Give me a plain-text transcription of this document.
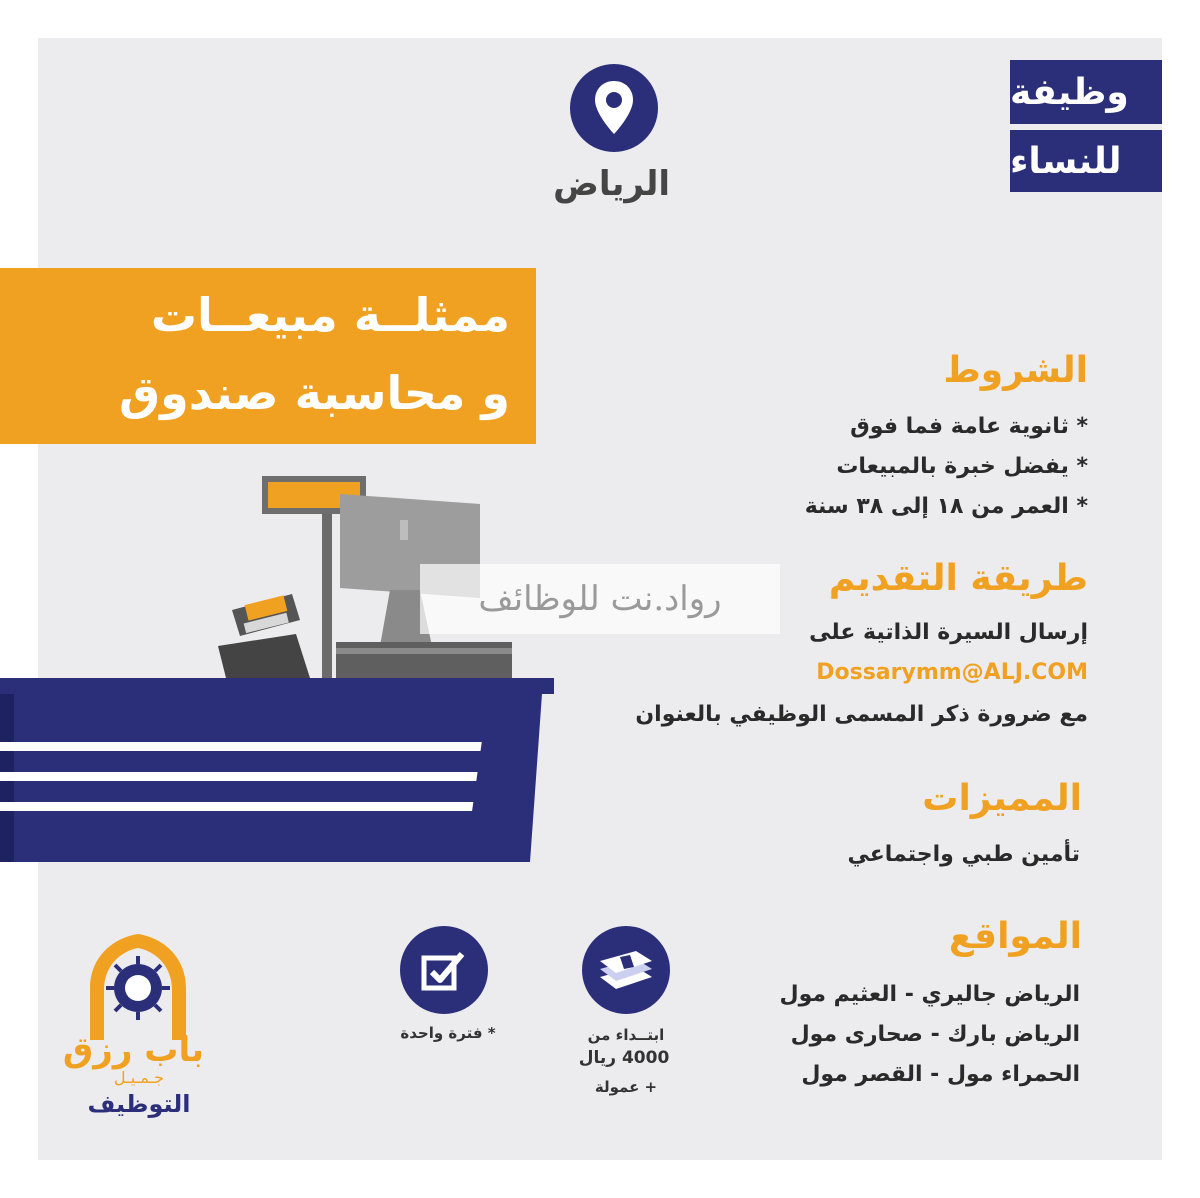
وظيفة
للنساء
الرياض
ممثلــة مبيعــات
و محاسبة صندوق	الشروط
* ثانوية عامة فما فوق
* يفضل خبرة بالمبيعات
* العمر من ١٨ إلى ٣٨ سنة
طريقة التقديم
إرسال السيرة الذاتية على
Dossarymm@ALJ.COM
مع ضرورة ذكر المسمى الوظيفي بالعنوان
رواد.نت للوظائف
المميزات
تأمين طبي واجتماعي
المواقع
الرياض جاليري - العثيم مول
الرياض بارك - صحارى مول
الحمراء مول - القصر مول
ابتــداء من
4000 ريال
+ عمولة
* فترة واحدة
باب رزق
جـمـيـل
التوظيف
